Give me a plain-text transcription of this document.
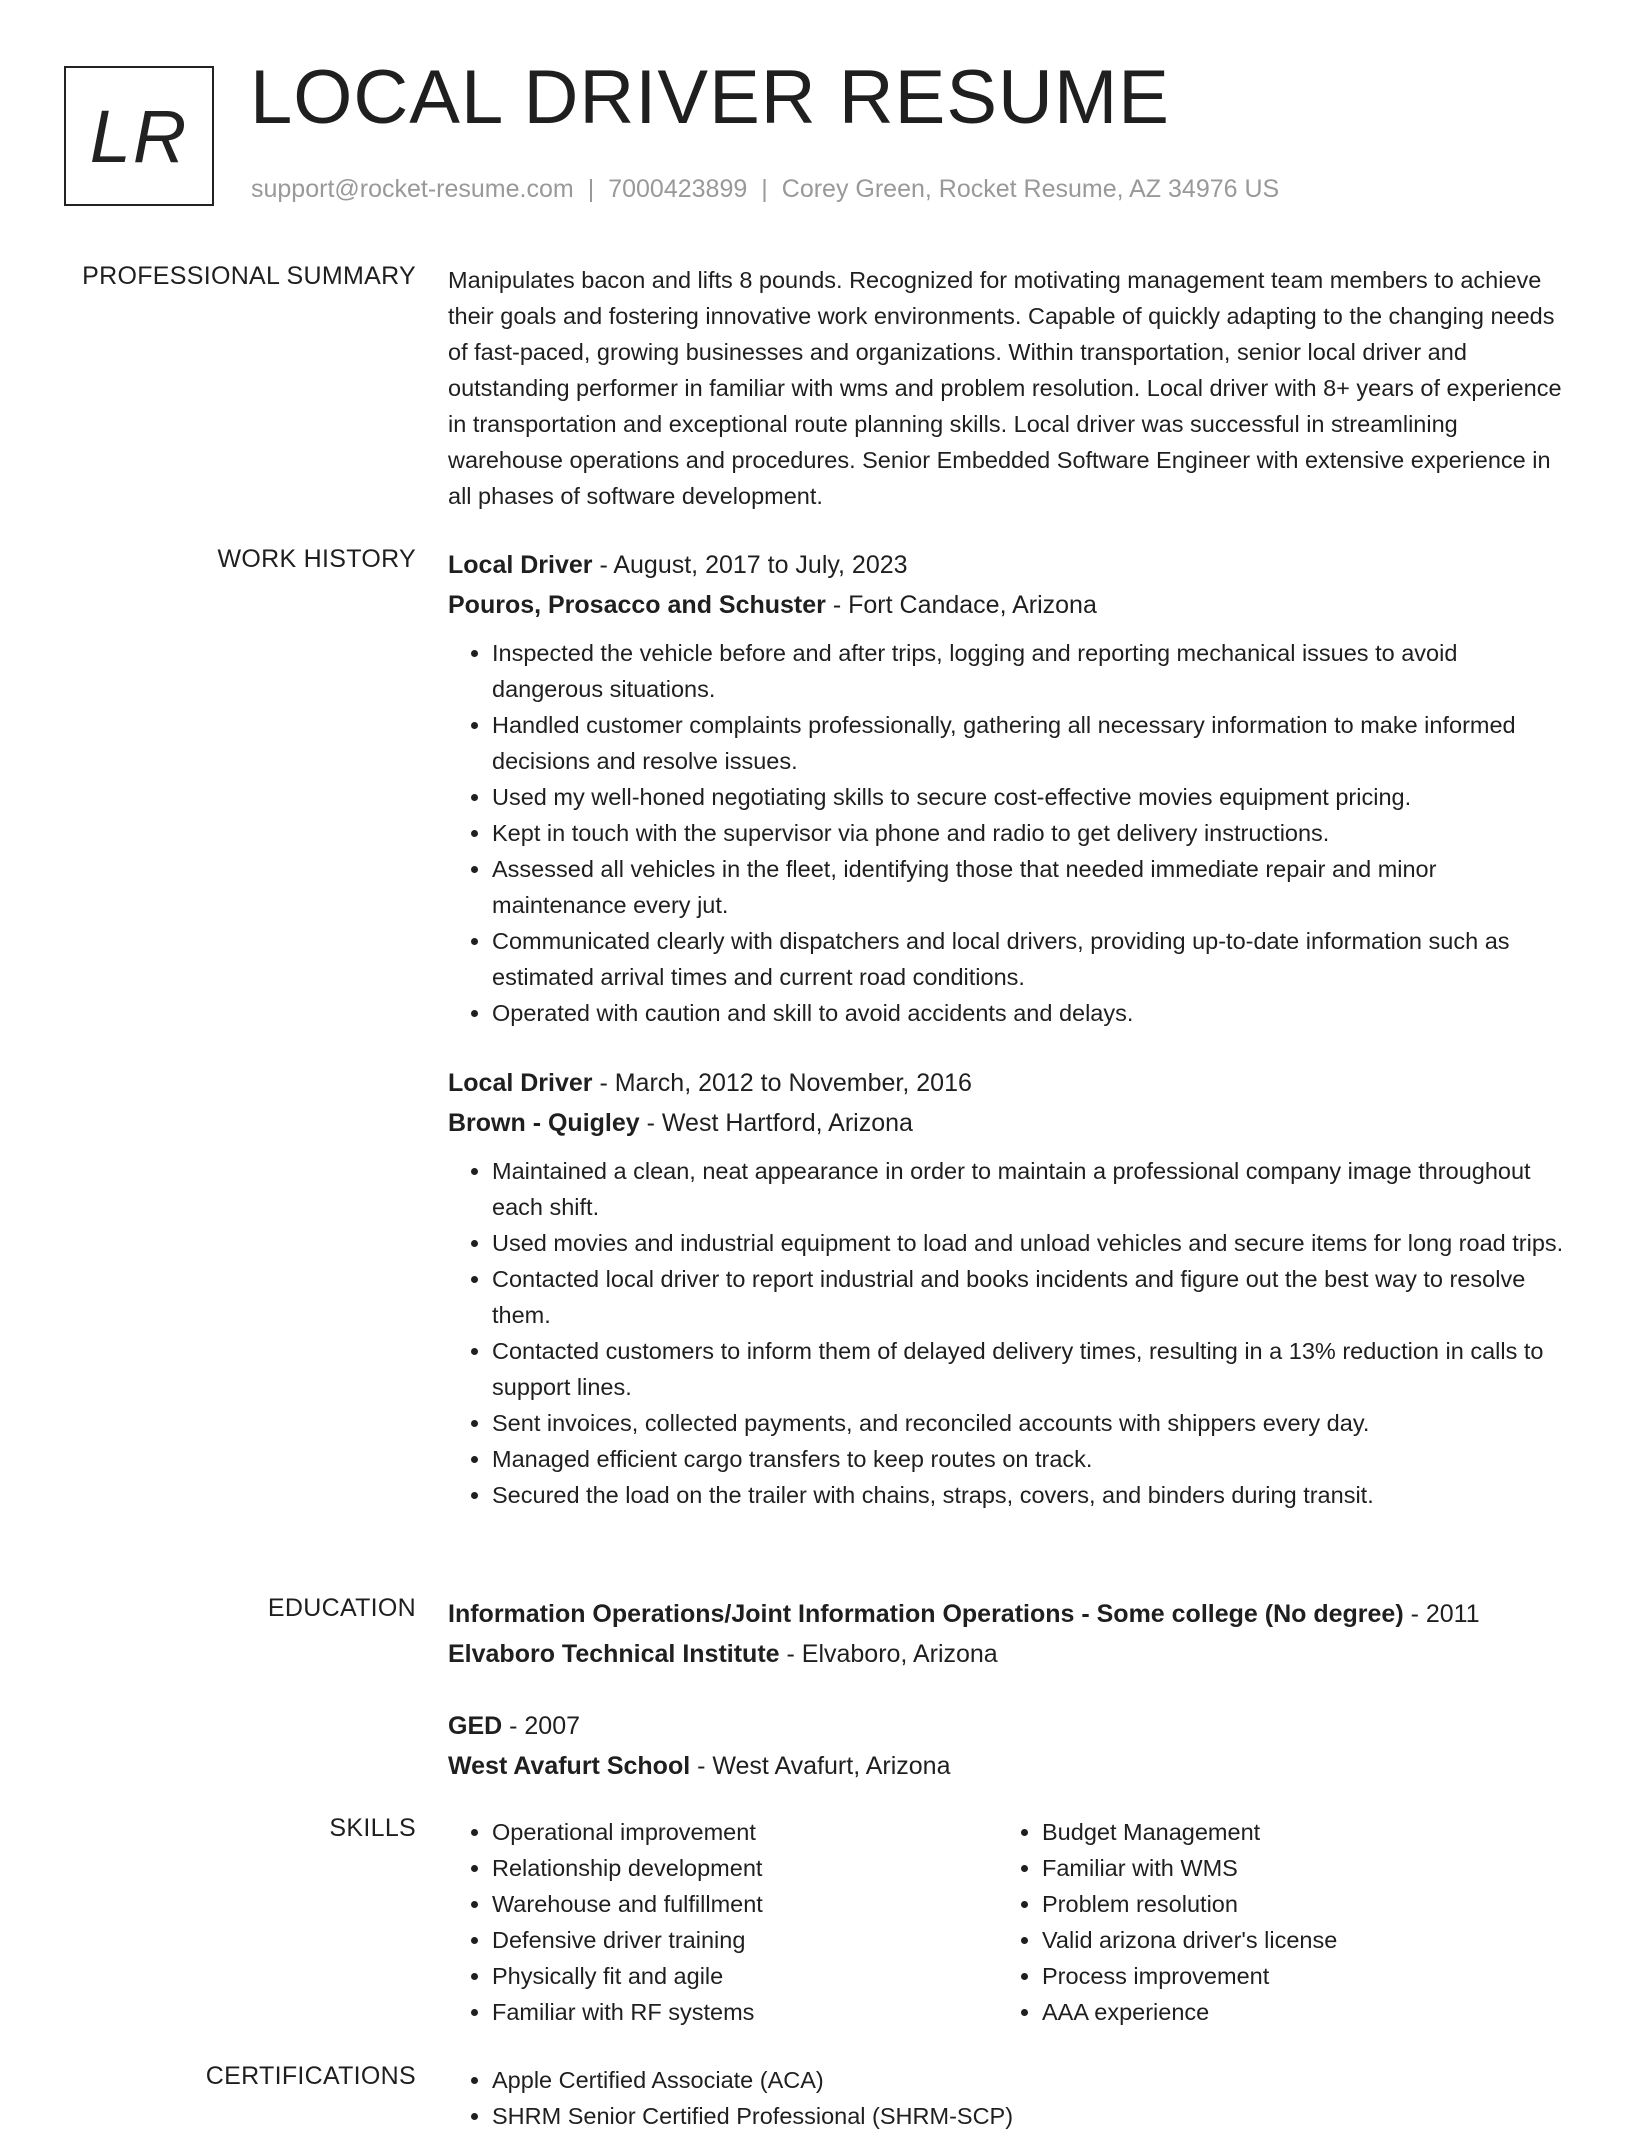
LR LOCAL DRIVER RESUME
support@rocket-resume.com | 7000423899 | Corey Green, Rocket Resume, AZ 34976 US
PROFESSIONAL SUMMARY Manipulates bacon and lifts 8 pounds. Recognized for motivating management team members to achieve their goals and fostering innovative work environments. Capable of quickly adapting to the changing needs of fast-paced, growing businesses and organizations. Within transportation, senior local driver and outstanding performer in familiar with wms and problem resolution. Local driver with 8+ years of experience in transportation and exceptional route planning skills. Local driver was successful in streamlining warehouse operations and procedures. Senior Embedded Software Engineer with extensive experience in all phases of software development.

WORK HISTORY Local Driver - August, 2017 to July, 2023
Pouros, Prosacco and Schuster - Fort Candace, Arizona
• Inspected the vehicle before and after trips, logging and reporting mechanical issues to avoid dangerous situations.
• Handled customer complaints professionally, gathering all necessary information to make informed decisions and resolve issues.
• Used my well-honed negotiating skills to secure cost-effective movies equipment pricing.
• Kept in touch with the supervisor via phone and radio to get delivery instructions.
• Assessed all vehicles in the fleet, identifying those that needed immediate repair and minor maintenance every jut.
• Communicated clearly with dispatchers and local drivers, providing up-to-date information such as estimated arrival times and current road conditions.
• Operated with caution and skill to avoid accidents and delays.
Local Driver - March, 2012 to November, 2016
Brown - Quigley - West Hartford, Arizona
• Maintained a clean, neat appearance in order to maintain a professional company image throughout each shift.
• Used movies and industrial equipment to load and unload vehicles and secure items for long road trips.
• Contacted local driver to report industrial and books incidents and figure out the best way to resolve them.
• Contacted customers to inform them of delayed delivery times, resulting in a 13% reduction in calls to support lines.
• Sent invoices, collected payments, and reconciled accounts with shippers every day.
• Managed efficient cargo transfers to keep routes on track.
• Secured the load on the trailer with chains, straps, covers, and binders during transit.
EDUCATION Information Operations/Joint Information Operations - Some college (No degree) - 2011
Elvaboro Technical Institute - Elvaboro, Arizona
GED - 2007
West Avafurt School - West Avafurt, Arizona
SKILLS	• Operational improvement
• Relationship development
• Warehouse and fulfillment
• Defensive driver training
• Physically fit and agile
• Familiar with RF systems
• Budget Management
• Familiar with WMS
• Problem resolution
• Valid arizona driver's license
• Process improvement
• AAA experience
CERTIFICATIONS	• Apple Certified Associate (ACA)
• SHRM Senior Certified Professional (SHRM-SCP)
